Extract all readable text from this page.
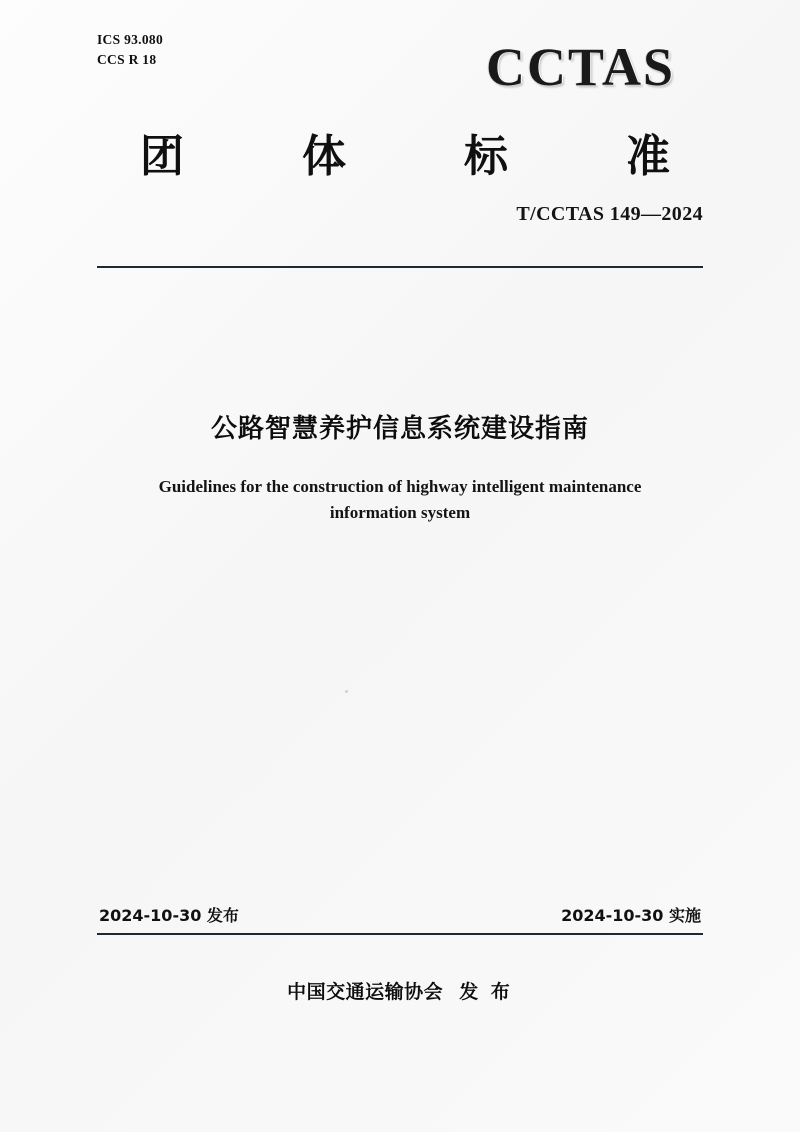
ICS 93.080
CCS R 18	CCTAS
团	体	标	准
T/CCTAS 149—2024
公路智慧养护信息系统建设指南
Guidelines for the construction of highway intelligent maintenance information system
2024-10-30 发布	2024-10-30 实施
中国交通运输协会 发 布
